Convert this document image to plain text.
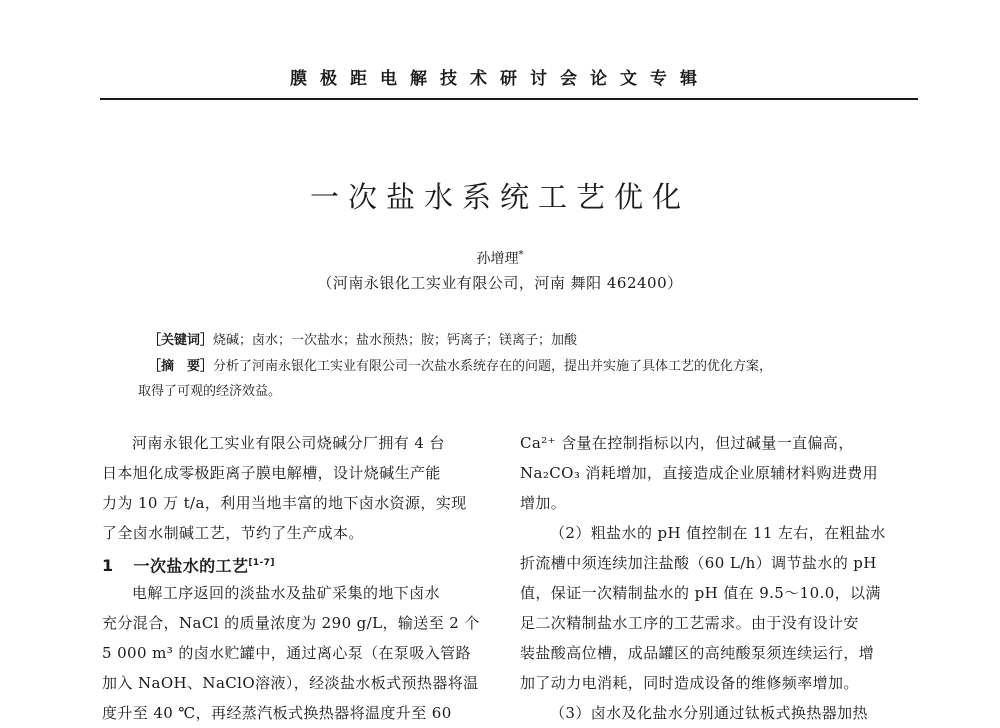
膜极距电解技术研讨会论文专辑
一次盐水系统工艺优化
孙增理*
（河南永银化工实业有限公司，河南 舞阳 462400）
［关键词］烧碱；卤水；一次盐水；盐水预热；胺；钙离子；镁离子；加酸
［摘　要］分析了河南永银化工实业有限公司一次盐水系统存在的问题，提出并实施了具体工艺的优化方案，
取得了可观的经济效益。
河南永银化工实业有限公司烧碱分厂拥有 4 台
日本旭化成零极距离子膜电解槽，设计烧碱生产能
力为 10 万 t/a，利用当地丰富的地下卤水资源，实现
了全卤水制碱工艺，节约了生产成本。
1 一次盐水的工艺[1-7]
电解工序返回的淡盐水及盐矿采集的地下卤水
充分混合，NaCl 的质量浓度为 290 g/L，输送至 2 个
5 000 m³ 的卤水贮罐中，通过离心泵（在泵吸入管路
加入 NaOH、NaClO溶液），经淡盐水板式预热器将温
度升至 40 ℃，再经蒸汽板式换热器将温度升至 60
Ca²⁺ 含量在控制指标以内，但过碱量一直偏高，
Na₂CO₃ 消耗增加，直接造成企业原辅材料购进费用
增加。
（2）粗盐水的 pH 值控制在 11 左右，在粗盐水
折流槽中须连续加注盐酸（60 L/h）调节盐水的 pH
值，保证一次精制盐水的 pH 值在 9.5～10.0，以满
足二次精制盐水工序的工艺需求。由于没有设计安
装盐酸高位槽，成品罐区的高纯酸泵须连续运行，增
加了动力电消耗，同时造成设备的维修频率增加。
（3）卤水及化盐水分别通过钛板式换热器加热
